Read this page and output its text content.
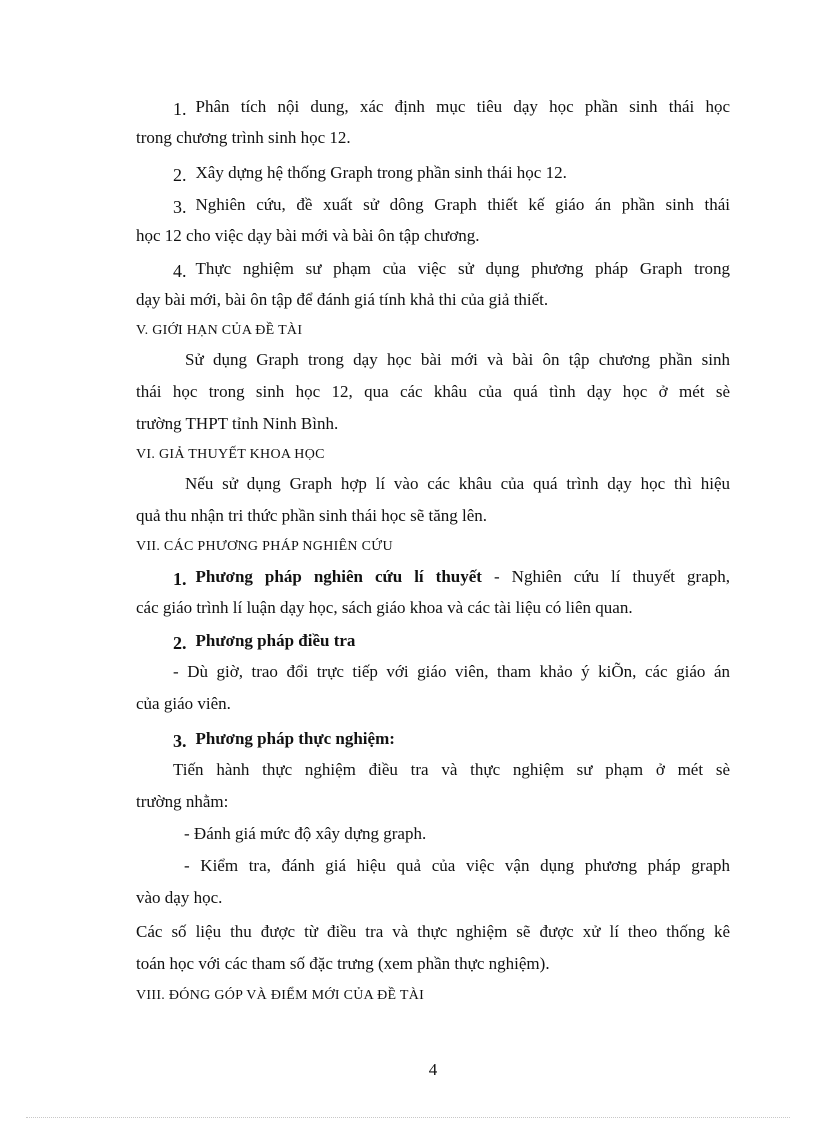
1. Phân tích nội dung, xác định mục tiêu dạy học phần sinh thái học
trong chương trình sinh học 12.
2. Xây dựng hệ thống Graph trong phần sinh thái học 12.
3. Nghiên cứu, đề xuất sử dông Graph thiết kế giáo án phần sinh thái
học 12 cho việc dạy bài mới và bài ôn tập chương.
4. Thực nghiệm sư phạm của việc sử dụng phương pháp Graph trong
dạy bài mới, bài ôn tập để đánh giá tính khả thi của giả thiết.
V. GIỚI HẠN CỦA ĐỀ TÀI
Sử dụng Graph trong dạy học bài mới và bài ôn tập chương phần sinh
thái học trong sinh học 12, qua các khâu của quá tình dạy học ở mét sè
trường THPT tỉnh Ninh Bình.
VI. GIẢ THUYẾT KHOA HỌC
Nếu sử dụng Graph hợp lí vào các khâu của quá trình dạy học thì hiệu
quả thu nhận tri thức phần sinh thái học sẽ tăng lên.
VII. CÁC PHƯƠNG PHÁP NGHIÊN CỨU
1. Phương pháp nghiên cứu lí thuyết - Nghiên cứu lí thuyết graph,
các giáo trình lí luận dạy học, sách giáo khoa và các tài liệu có liên quan.
2. Phương pháp điều tra
- Dù giờ, trao đổi trực tiếp với giáo viên, tham khảo ý kiÕn, các giáo án
của giáo viên.
3. Phương pháp thực nghiệm:
Tiến hành thực nghiệm điều tra và thực nghiệm sư phạm ở mét sè
trường nhằm:
- Đánh giá mức độ xây dựng graph.
- Kiểm tra, đánh giá hiệu quả của việc vận dụng phương pháp graph
vào dạy học.
Các số liệu thu được từ điều tra và thực nghiệm sẽ được xử lí theo thống kê
toán học với các tham số đặc trưng (xem phần thực nghiệm).
VIII. ĐÓNG GÓP VÀ ĐIỂM MỚI CỦA ĐỀ TÀI
4
